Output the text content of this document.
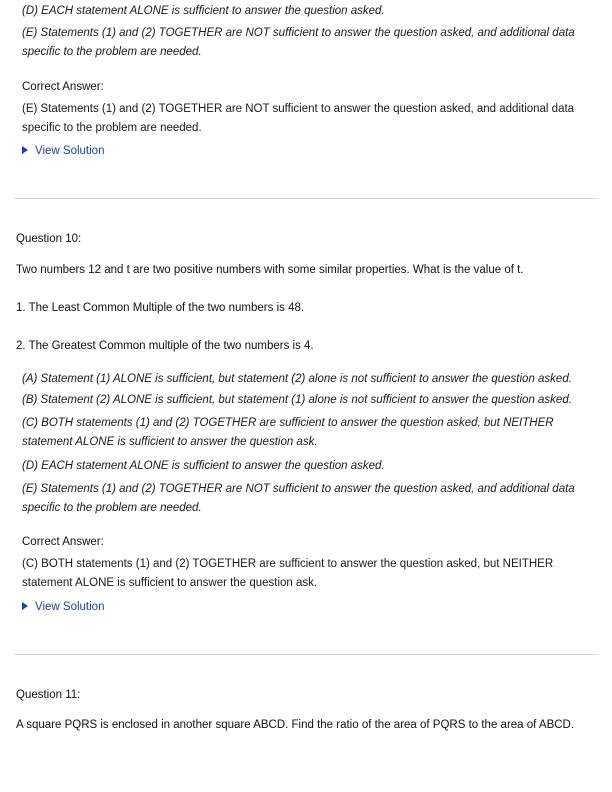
(D) EACH statement ALONE is sufficient to answer the question asked.
(E) Statements (1) and (2) TOGETHER are NOT sufficient to answer the question asked, and additional data specific to the problem are needed.
Correct Answer:
(E) Statements (1) and (2) TOGETHER are NOT sufficient to answer the question asked, and additional data specific to the problem are needed.
View Solution
Question 10:
Two numbers 12 and t are two positive numbers with some similar properties. What is the value of t.
1. The Least Common Multiple of the two numbers is 48.
2. The Greatest Common multiple of the two numbers is 4.
(A) Statement (1) ALONE is sufficient, but statement (2) alone is not sufficient to answer the question asked.
(B) Statement (2) ALONE is sufficient, but statement (1) alone is not sufficient to answer the question asked.
(C) BOTH statements (1) and (2) TOGETHER are sufficient to answer the question asked, but NEITHER statement ALONE is sufficient to answer the question ask.
(D) EACH statement ALONE is sufficient to answer the question asked.
(E) Statements (1) and (2) TOGETHER are NOT sufficient to answer the question asked, and additional data specific to the problem are needed.
Correct Answer:
(C) BOTH statements (1) and (2) TOGETHER are sufficient to answer the question asked, but NEITHER statement ALONE is sufficient to answer the question ask.
View Solution
Question 11:
A square PQRS is enclosed in another square ABCD. Find the ratio of the area of PQRS to the area of ABCD.
